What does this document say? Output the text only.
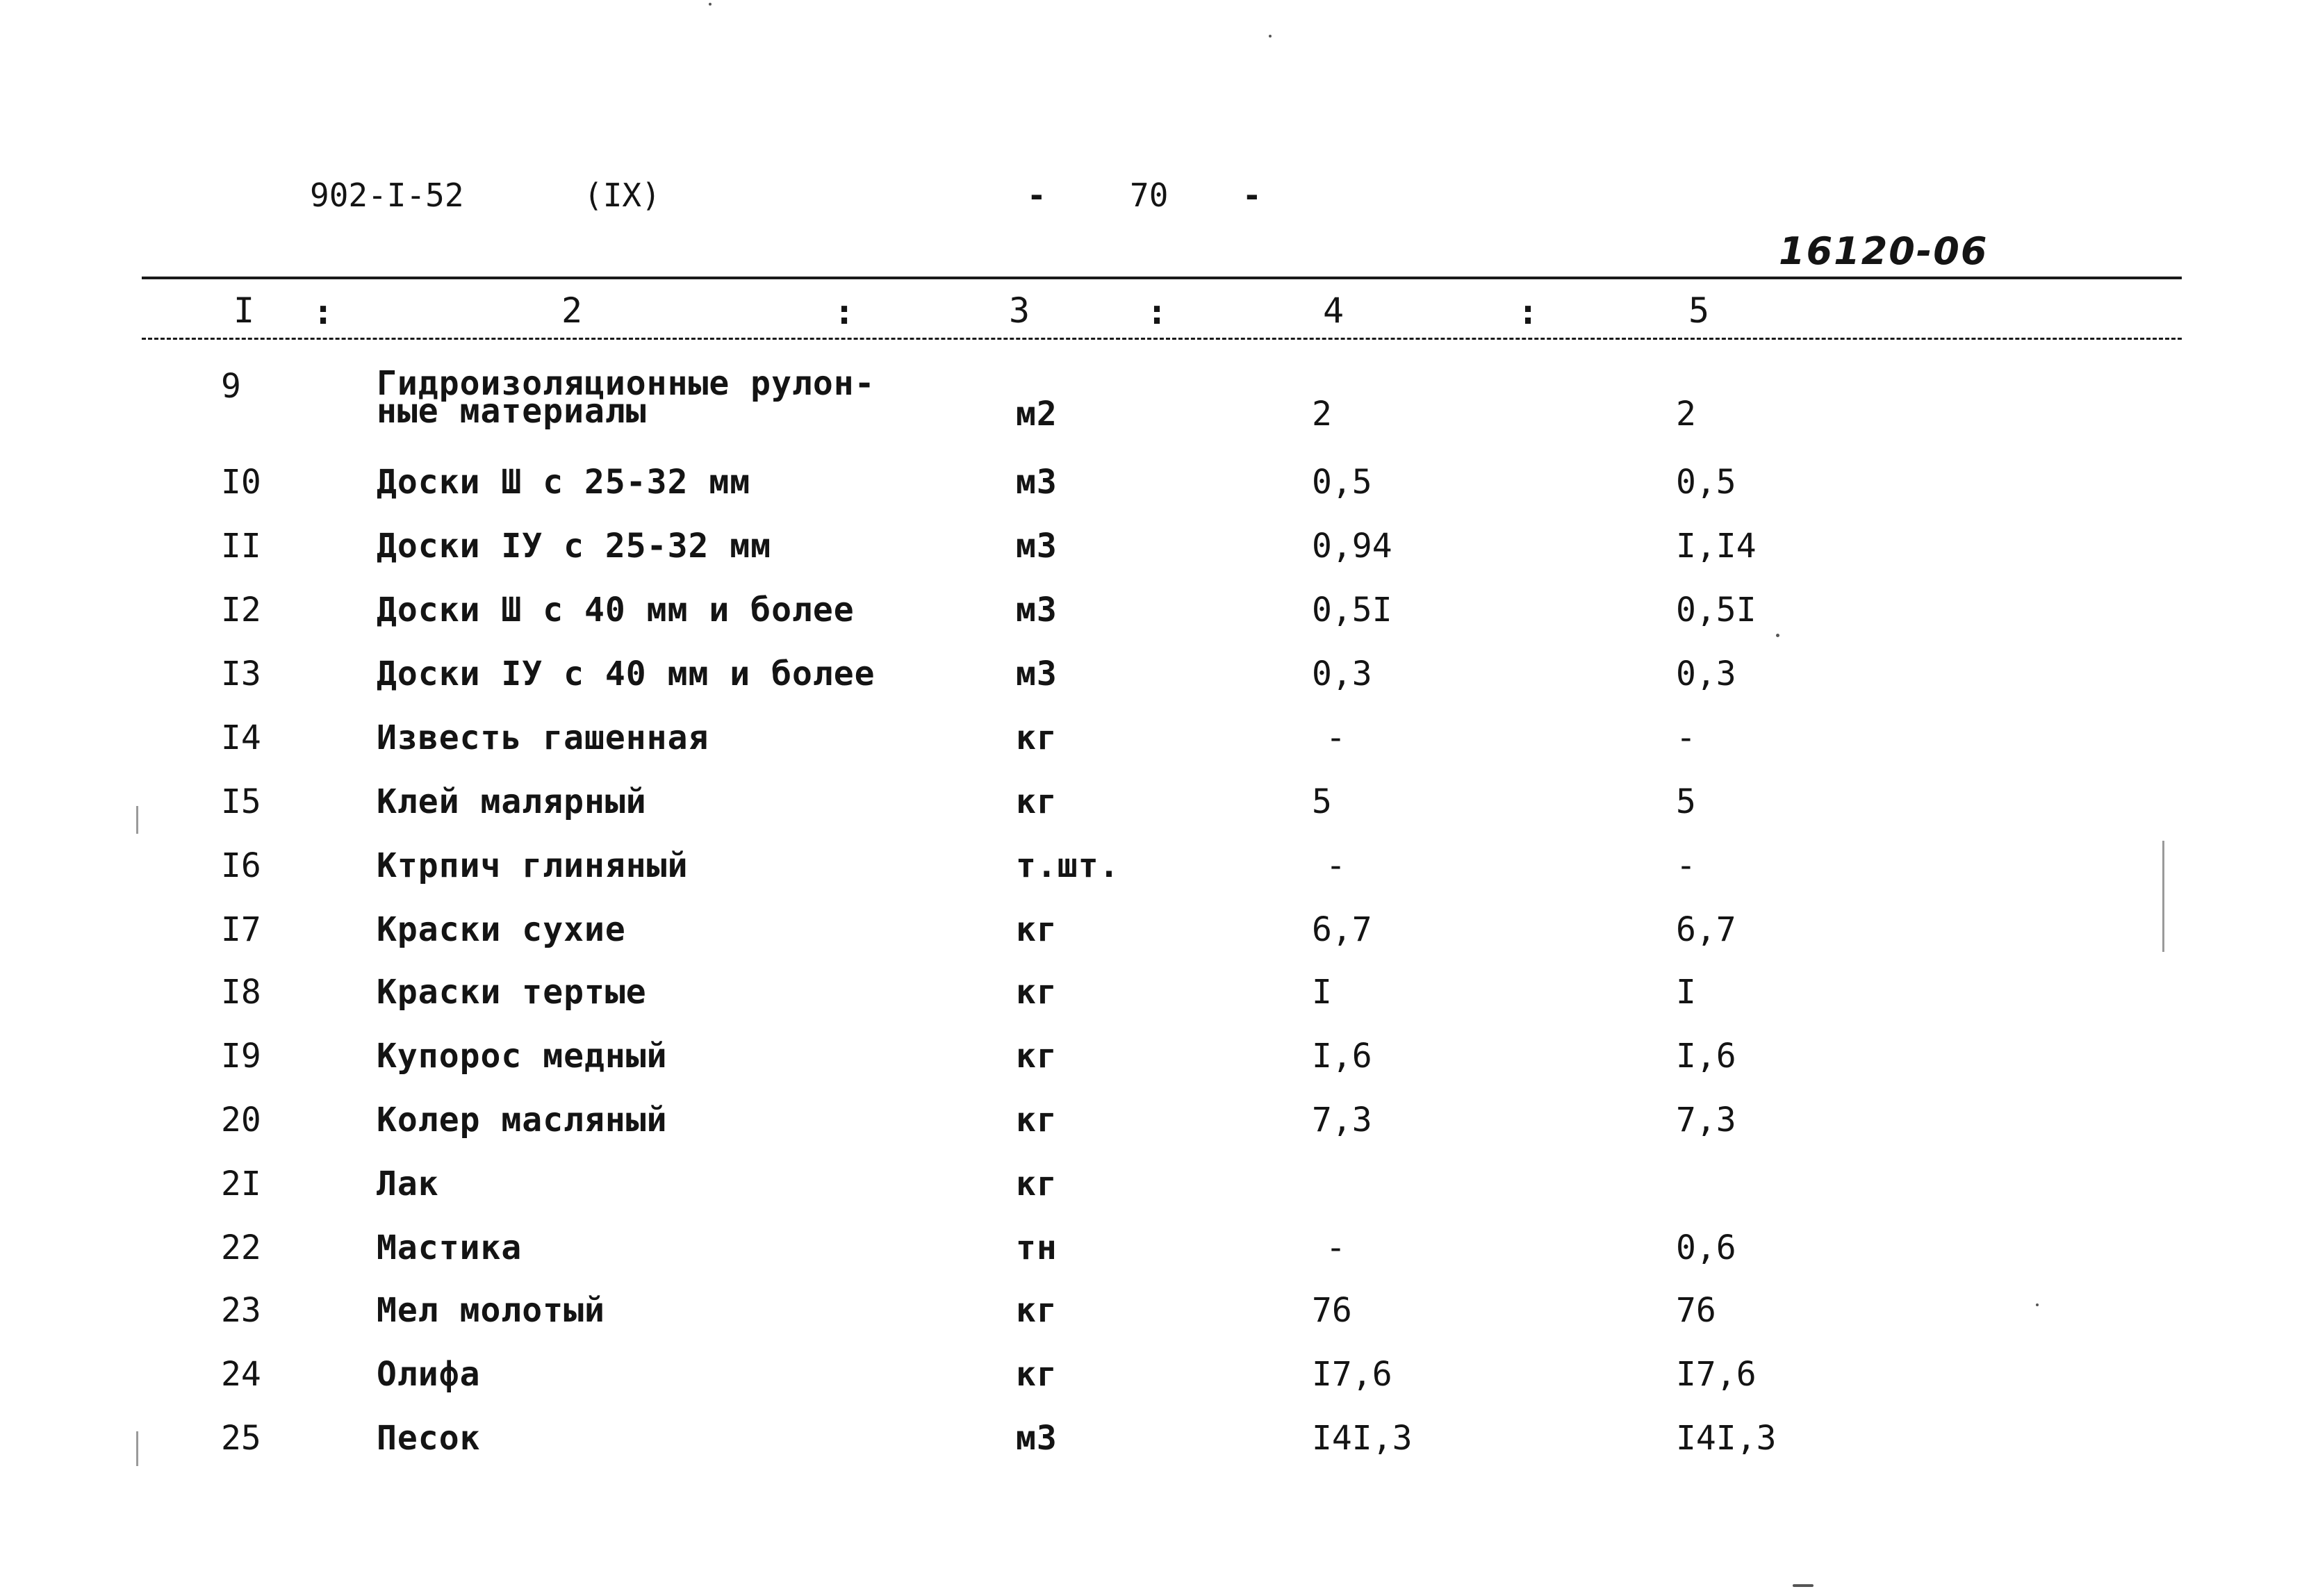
902-I-52	(IX)	-	70 -
16120-06
I :	2	:	3	:	4	:	5
9	Гидроизоляционные рулон-
ные материалы	м2	2	2
I0	Доски Ш с 25-32 мм	м3	0,5	0,5
II	Доски IУ с 25-32 мм	м3	0,94	I,I4
I2	Доски Ш с 40 мм и более	м3	0,5I	0,5I
I3	Доски IУ с 40 мм и более	м3	0,3	0,3
I4	Известь гашенная	кг	-	-
I5	Клей малярный	кг	5	5
I6	Ктрпич глиняный	т.шт.	-	-
I7	Краски сухие	кг	6,7	6,7
I8	Краски тертые	кг	I	I
I9	Купорос медный	кг	I,6	I,6
20	Колер масляный	кг	7,3	7,3
2I	Лак	кг
22	Мастика	тн	-	0,6
23	Мел молотый	кг	76	76
24	Олифа	кг	I7,6	I7,6
25	Песок	м3	I4I,3	I4I,3
